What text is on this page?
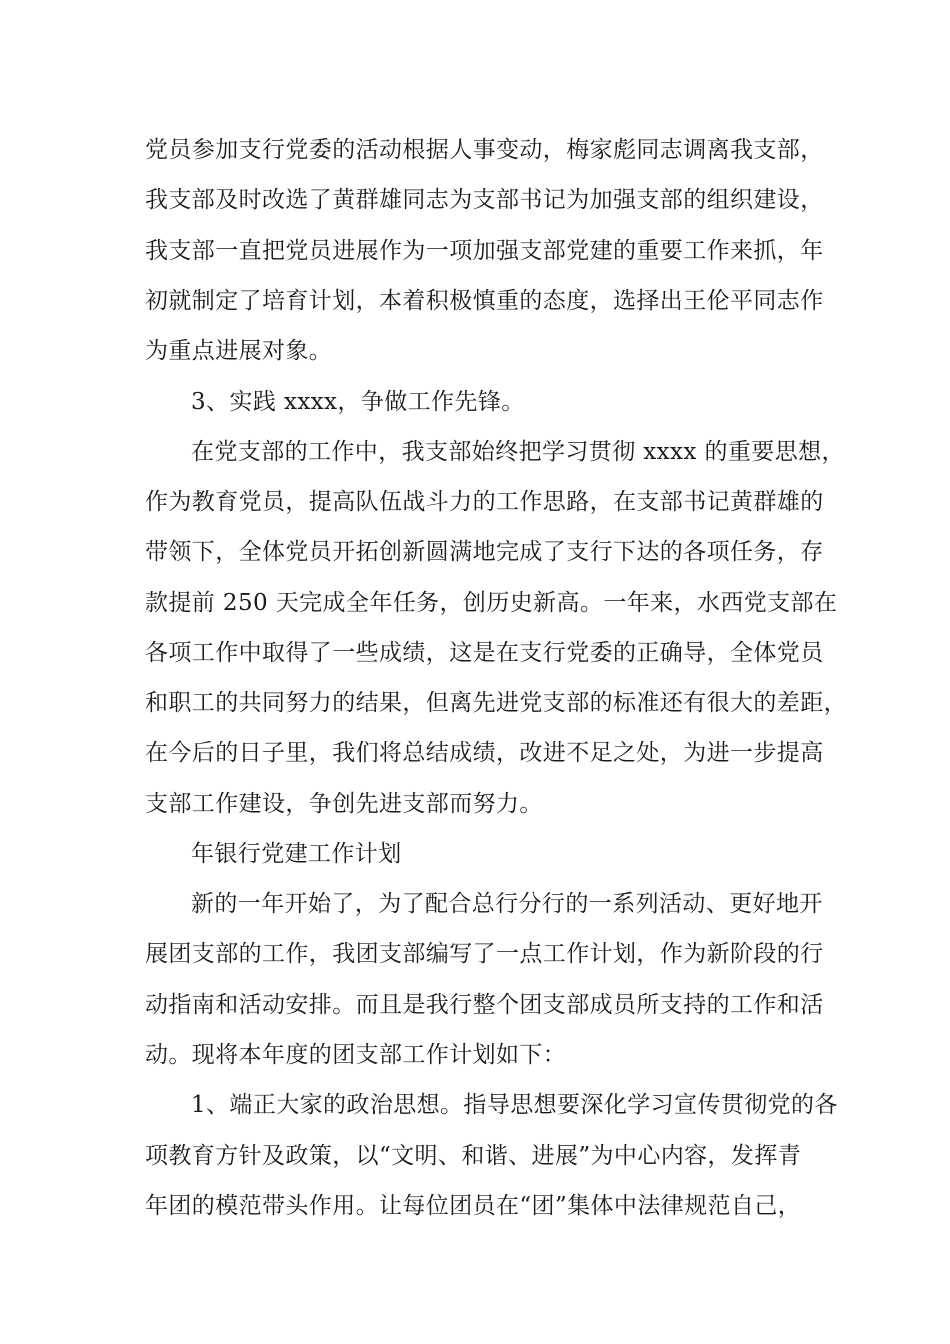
党员参加支行党委的活动根据人事变动，梅家彪同志调离我支部，
我支部及时改选了黄群雄同志为支部书记为加强支部的组织建设，
我支部一直把党员进展作为一项加强支部党建的重要工作来抓，年
初就制定了培育计划，本着积极慎重的态度，选择出王伦平同志作
为重点进展对象。
3、实践 xxxx，争做工作先锋。
在党支部的工作中，我支部始终把学习贯彻 xxxx 的重要思想，
作为教育党员，提高队伍战斗力的工作思路，在支部书记黄群雄的
带领下，全体党员开拓创新圆满地完成了支行下达的各项任务，存
款提前 250 天完成全年任务，创历史新高。一年来，水西党支部在
各项工作中取得了一些成绩，这是在支行党委的正确导，全体党员
和职工的共同努力的结果，但离先进党支部的标准还有很大的差距，
在今后的日子里，我们将总结成绩，改进不足之处，为进一步提高
支部工作建设，争创先进支部而努力。
年银行党建工作计划
新的一年开始了，为了配合总行分行的一系列活动、更好地开
展团支部的工作，我团支部编写了一点工作计划，作为新阶段的行
动指南和活动安排。而且是我行整个团支部成员所支持的工作和活
动。现将本年度的团支部工作计划如下：
1、端正大家的政治思想。指导思想要深化学习宣传贯彻党的各
项教育方针及政策，以“文明、和谐、进展”为中心内容，发挥青
年团的模范带头作用。让每位团员在“团”集体中法律规范自己，
